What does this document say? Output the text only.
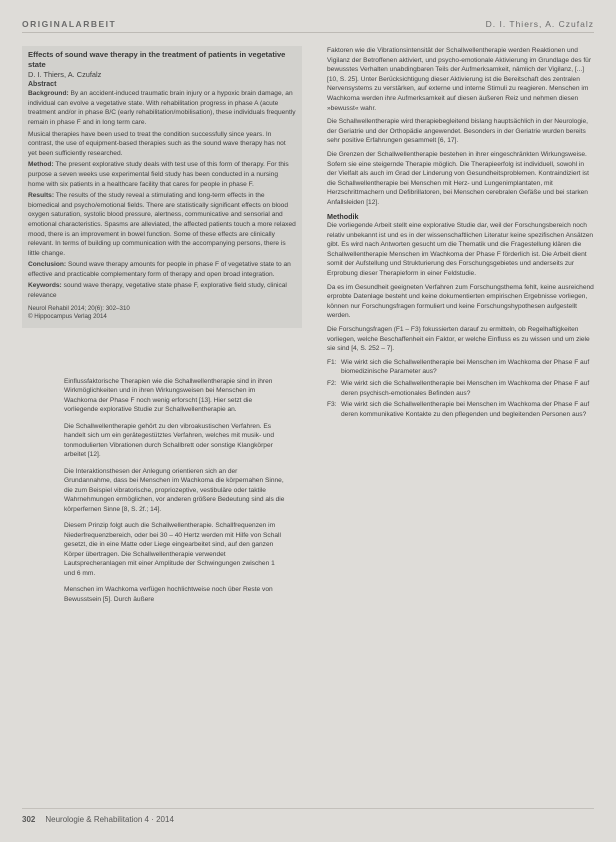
ORIGINALARBEIT	D. I. Thiers, A. Czufalz

Effects of sound wave therapy in the treatment of patients in vegetative state

D. I. Thiers, A. Czufalz

Abstract

Background: By an accident-induced traumatic brain injury or a hypoxic brain damage, an individual can evolve a vegetative state. With rehabilitation progress in phase A (acute treatment and/or in phase B/C (early rehabilitation/mobilisation), these individuals frequently remain in phase F and in long term care.

Musical therapies have been used to treat the condition successfully since years. In contrast, the use of equipment-based therapies such as the sound wave therapy has not yet been sufficiently researched.

Method: The present explorative study deals with test use of this form of therapy. For this purpose a seven weeks use experimental field study has been conducted in a nursing home with six patients in a healthcare facility that cares for people in phase F.

Results: The results of the study reveal a stimulating and long-term effects in the biomedical and psycho/emotional fields. There are statistically significant effects on blood oxygen saturation, systolic blood pressure, alertness, communicative and sensorial and emotional characteristics. Spasms are alleviated, the affected patients touch a more relaxed mood, there is an improvement in bowel function. Some of these effects are clinically relevant. In terms of building up communication with the accompanying persons, there is little change.

Conclusion: Sound wave therapy amounts for people in phase F of vegetative state to an effective and practicable complementary form of therapy and open broad integration.

Keywords: sound wave therapy, vegetative state phase F, explorative field study, clinical relevance

Neurol Rehabil 2014; 20(6): 302–310

© Hippocampus Verlag 2014

Einflussfaktorische Therapien wie die Schallwellentherapie sind in ihren Wirkmöglichkeiten und in ihren Wirkungsweisen bei Menschen im Wachkoma der Phase F noch wenig erforscht [13]. Hier setzt die vorliegende explorative Studie zur Schallwellentherapie an.

Die Schallwellentherapie gehört zu den vibroakustischen Verfahren. Es handelt sich um ein gerätegestütztes Verfahren, welches mit musik- und tonmodulierten Vibrationen durch Schallbrett oder sonstige Klangkörper arbeitet [12].

Die Interaktionsthesen der Anlegung orientieren sich an der Grundannahme, dass bei Menschen im Wachkoma die körpernahen Sinne, die zum Beispiel vibratorische, propriozeptive, vestibuläre oder taktile Wahrnehmungen ermöglichen, vor anderen größere Bedeutung sind als die körperfernen Sinne [8, S. 2f.; 14].

Diesem Prinzip folgt auch die Schallwellentherapie. Schallfrequenzen im Niederfrequenzbereich, oder bei 30 – 40 Hertz werden mit Hilfe von Schall gesetzt, die in eine Matte oder Liege eingearbeitet sind, auf den ganzen Körper übertragen. Die Schallwellentherapie verwendet Lautsprecheranlagen mit einer Amplitude der Schwingungen zwischen 1 und 6 mm.

Menschen im Wachkoma verfügen hochlichtweise noch über Reste von Bewusstsein [5]. Durch äußere

Faktoren wie die Vibrationsintensität der Schallwellentherapie werden Reaktionen und Vigilanz der Betroffenen aktiviert, und psycho-emotionale Aktivierung im Grundlage des für bewusstes Verhalten unabdingbaren Teils der Aufmerksamkeit, nämlich der Vigilanz, [...] [10, S. 25]. Unter Berücksichtigung dieser Aktivierung ist die Bereitschaft des zentralen Nervensystems zu verstärken, auf externe und interne Stimuli zu reagieren. Menschen im Wachkoma werden ihre Aufmerksamkeit auf diesen äußeren Reiz und nehmen diesen »bewusst« wahr.

Die Schallwellentherapie wird therapiebegleitend bislang hauptsächlich in der Neurologie, der Geriatrie und der Orthopädie angewendet. Besonders in der Geriatrie wurden bereits sehr positive Erfahrungen gesammelt [6, 17].

Die Grenzen der Schallwellentherapie bestehen in ihrer eingeschränkten Wirkungsweise. Sofern sie eine steigernde Therapie möglich. Die Therapieerfolg ist individuell, sowohl in der Vielfalt als auch im Grad der Linderung von Gesundheitsproblemen. Kontraindiziert ist die Schallwellentherapie bei Menschen mit Herz- und Lungenimplantaten, mit Herzschrittmachern und Defibrillatoren, bei Menschen cerebralen Gefäße und bei starken Anfallsleiden [12].

Methodik

Die vorliegende Arbeit stellt eine explorative Studie dar, weil der Forschungsbereich noch relativ unbekannt ist und es in der wissenschaftlichen Literatur keine spezifischen Ansätzen gibt. Es wird nach Antworten gesucht um die Thematik und die Fragestellung klären die Schallwellentherapie Menschen im Wachkoma der Phase F förderlich ist. Die Arbeit dient somit der Aufstellung und Strukturierung des Forschungsgebietes und anderseits zur Erprobung dieser Therapieform in einer Feldstudie.

Da es im Gesundheit geeigneten Verfahren zum Forschungsthema fehlt, keine ausreichend erprobte Datenlage besteht und keine dokumentierten empirischen Ergebnisse vorliegen, können nur Forschungsfragen formuliert und keine Forschungshypothesen aufgestellt werden.

Die Forschungsfragen (F1 – F3) fokussierten darauf zu ermitteln, ob Regelhaftigkeiten vorliegen, welche Beschaffenheit ein Faktor, er welche Einfluss es zu wissen und um ziele sie sind [4, S. 252 – 7].

F1: Wie wirkt sich die Schallwellentherapie bei Menschen im Wachkoma der Phase F auf biomedizinische Parameter aus?
F2: Wie wirkt sich die Schallwellentherapie bei Menschen im Wachkoma der Phase F auf deren psychisch-emotionales Befinden aus?
F3: Wie wirkt sich die Schallwellentherapie bei Menschen im Wachkoma der Phase F auf deren kommunikative Kontakte zu den pflegenden und begleitenden Personen aus?
302 Neurologie & Rehabilitation 4 · 2014
